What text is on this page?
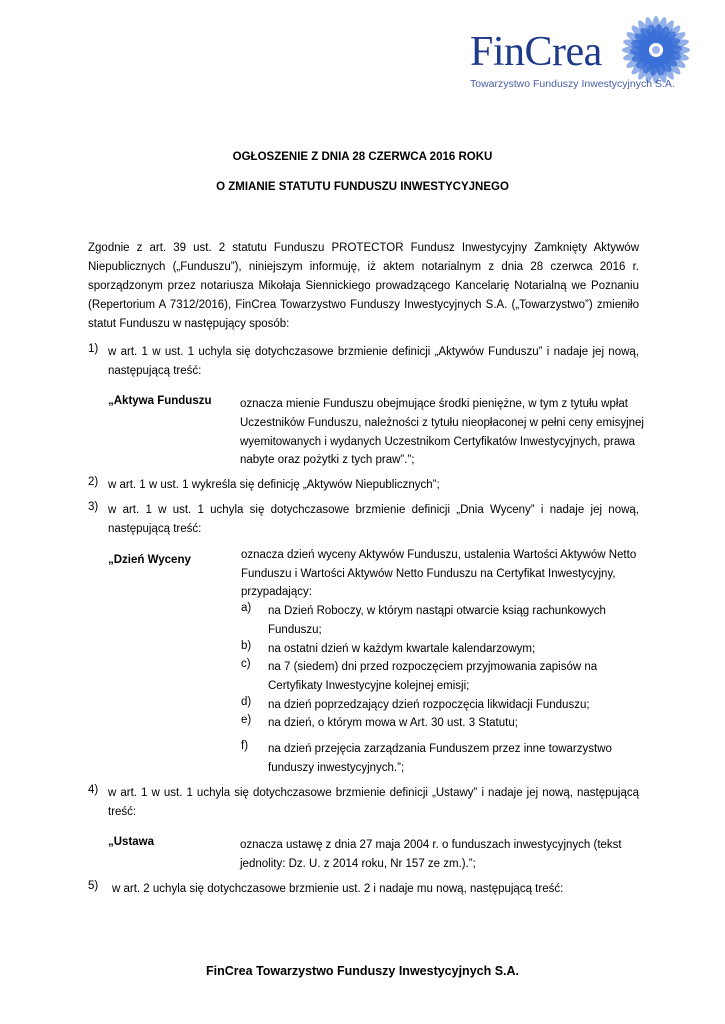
FinCrea
Towarzystwo Funduszy Inwestycyjnych S.A.
OGŁOSZENIE Z DNIA 28 CZERWCA 2016 ROKU
O ZMIANIE STATUTU FUNDUSZU INWESTYCYJNEGO
Zgodnie z art. 39 ust. 2 statutu Funduszu PROTECTOR Fundusz Inwestycyjny Zamknięty Aktywów
Niepublicznych („Funduszu”), niniejszym informuję, iż aktem notarialnym z dnia 28 czerwca 2016 r.
sporządzonym przez notariusza Mikołaja Siennickiego prowadzącego Kancelarię Notarialną we Poznaniu
(Repertorium A 7312/2016), FinCrea Towarzystwo Funduszy Inwestycyjnych S.A. („Towarzystwo”) zmieniło
statut Funduszu w następujący sposób:
1) w art. 1 w ust. 1 uchyla się dotychczasowe brzmienie definicji „Aktywów Funduszu” i nadaje jej nową,
następującą treść:
„Aktywa Funduszu oznacza mienie Funduszu obejmujące środki pieniężne, w tym z tytułu wpłat
Uczestników Funduszu, należności z tytułu nieopłaconej w pełni ceny emisyjnej
wyemitowanych i wydanych Uczestnikom Certyfikatów Inwestycyjnych, prawa
nabyte oraz pożytki z tych praw”.”;
2) w art. 1 w ust. 1 wykreśla się definicję „Aktywów Niepublicznych”;
3) w art. 1 w ust. 1 uchyla się dotychczasowe brzmienie definicji „Dnia Wyceny” i nadaje jej nową,
następującą treść:
„Dzień Wyceny	oznacza dzień wyceny Aktywów Funduszu, ustalenia Wartości Aktywów Netto
Funduszu i Wartości Aktywów Netto Funduszu na Certyfikat Inwestycyjny,
przypadający:
a) na Dzień Roboczy, w którym nastąpi otwarcie ksiąg rachunkowych
Funduszu;
b) na ostatni dzień w każdym kwartale kalendarzowym;
c) na 7 (siedem) dni przed rozpoczęciem przyjmowania zapisów na
Certyfikaty Inwestycyjne kolejnej emisji;
d) na dzień poprzedzający dzień rozpoczęcia likwidacji Funduszu;
e) na dzień, o którym mowa w Art. 30 ust. 3 Statutu;
f) na dzień przejęcia zarządzania Funduszem przez inne towarzystwo
funduszy inwestycyjnych.”;
4) w art. 1 w ust. 1 uchyla się dotychczasowe brzmienie definicji „Ustawy” i nadaje jej nową, następującą
treść:
„Ustawa	oznacza ustawę z dnia 27 maja 2004 r. o funduszach inwestycyjnych (tekst
jednolity: Dz. U. z 2014 roku, Nr 157 ze zm.).”;
5) w art. 2 uchyla się dotychczasowe brzmienie ust. 2 i nadaje mu nową, następującą treść:
FinCrea Towarzystwo Funduszy Inwestycyjnych S.A.
